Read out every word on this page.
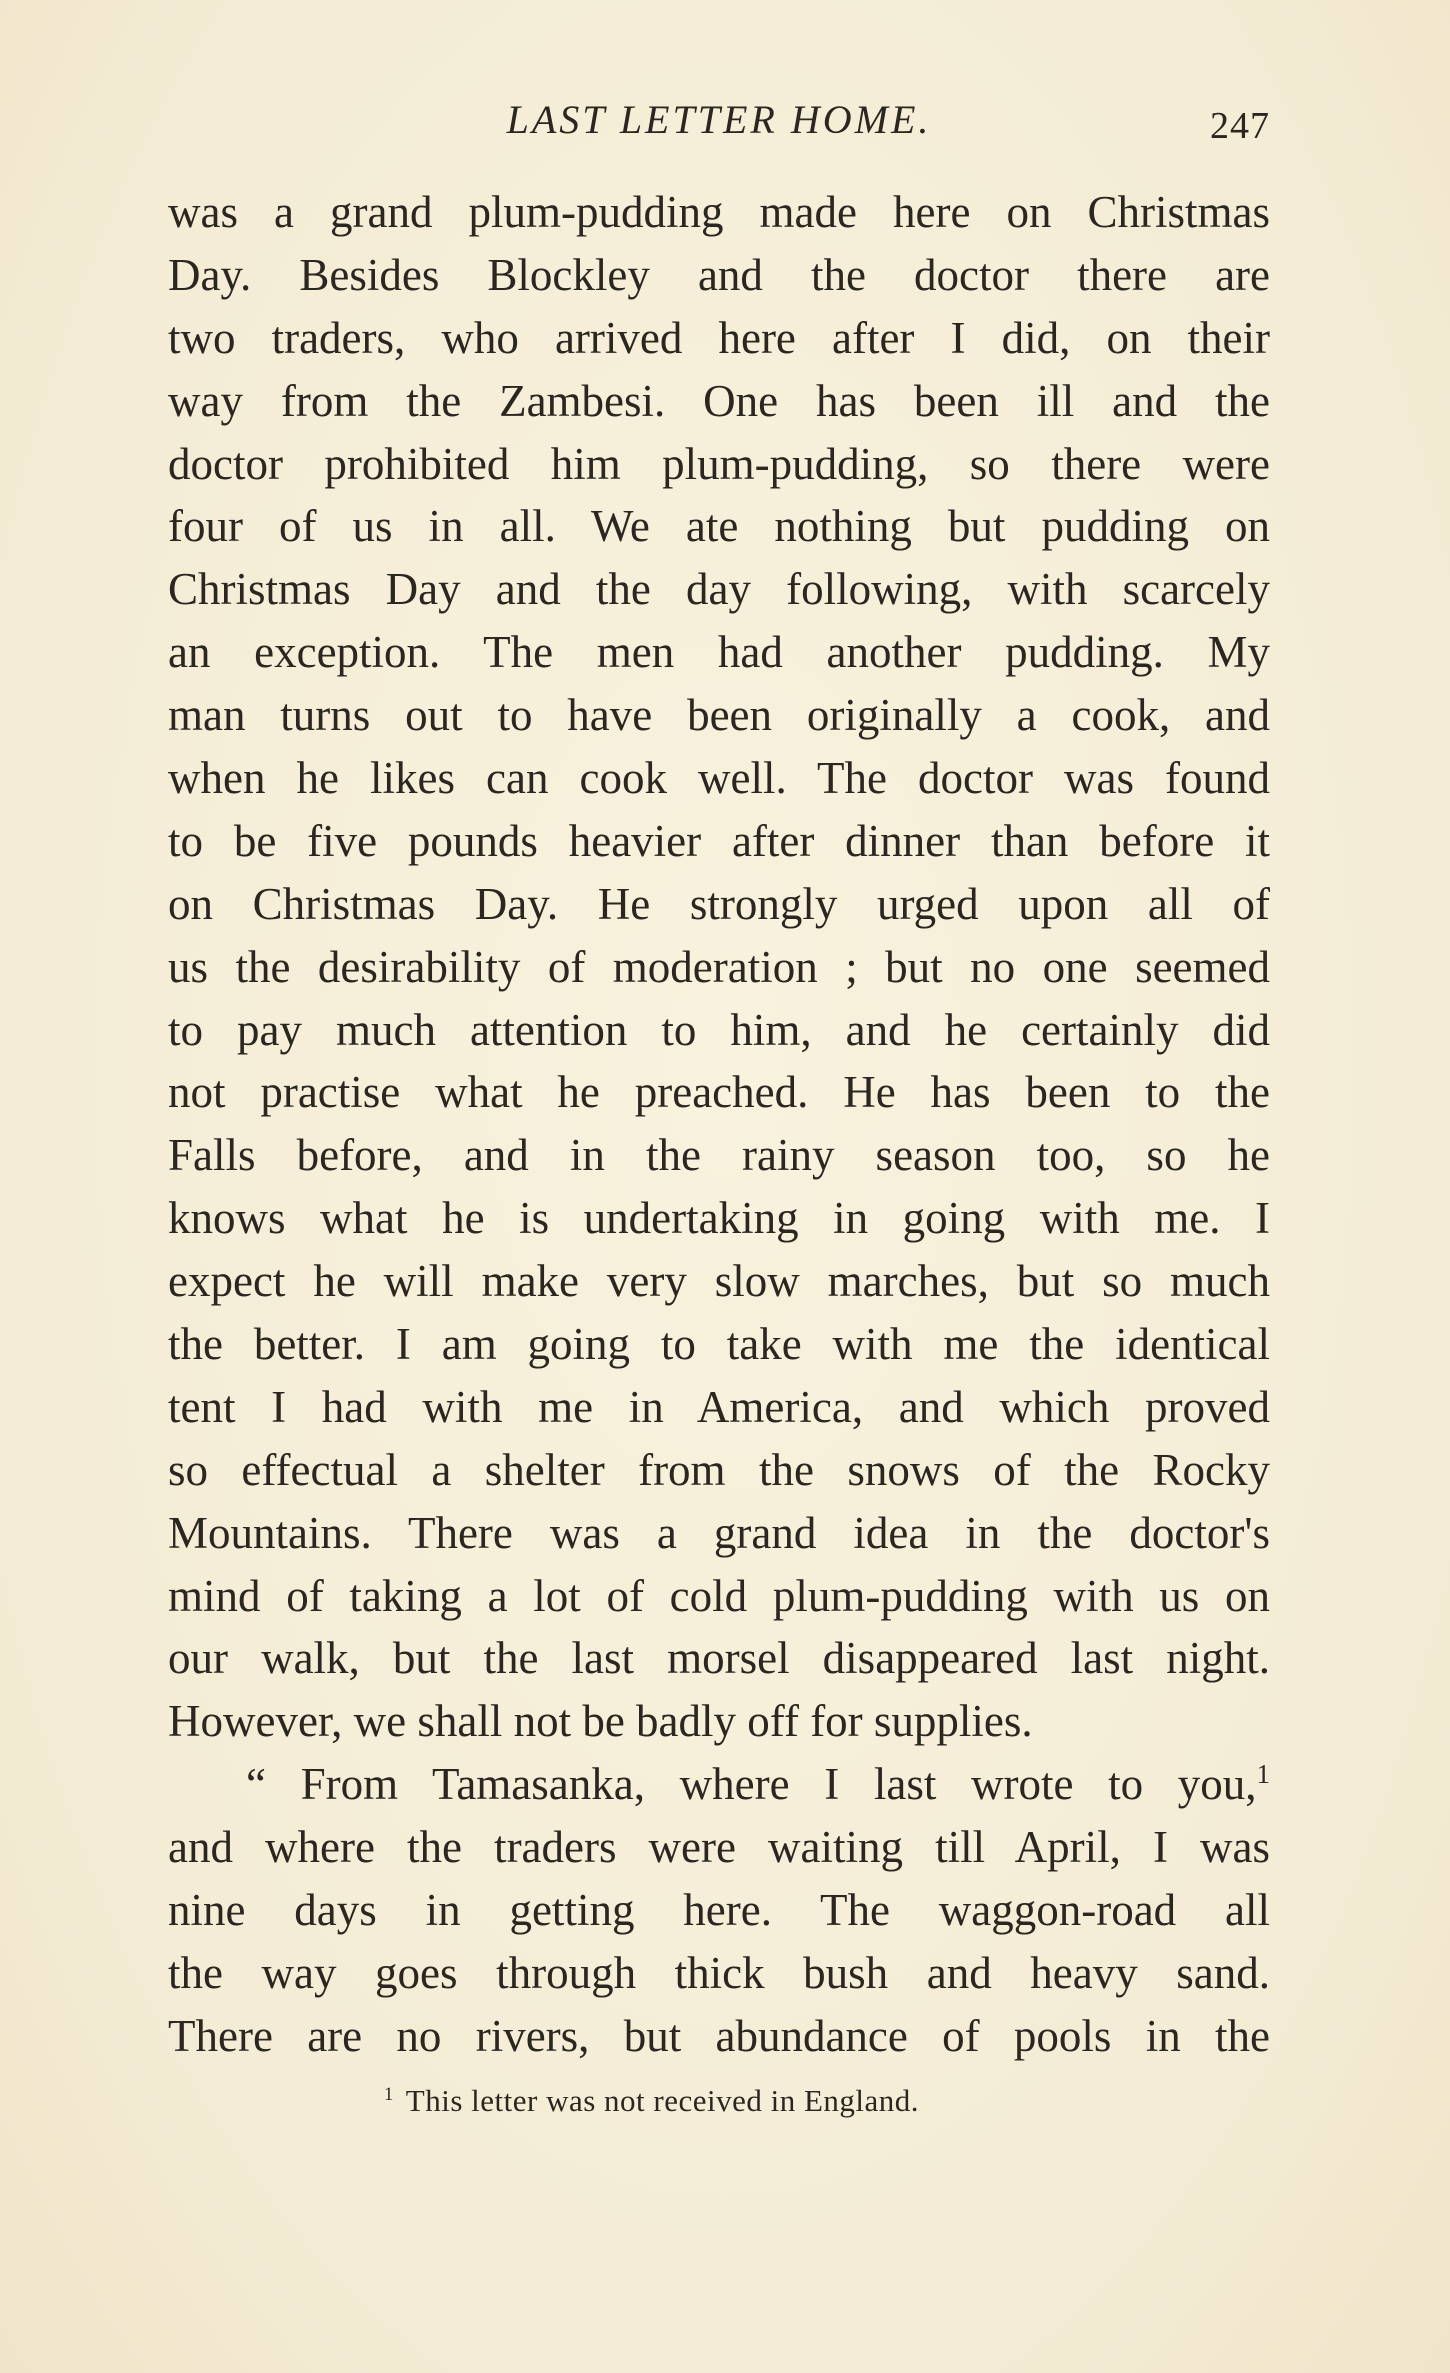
LAST LETTER HOME.	247
was a grand plum-pudding made here on Christmas
Day. Besides Blockley and the doctor there are
two traders, who arrived here after I did, on their
way from the Zambesi. One has been ill and the
doctor prohibited him plum-pudding, so there were
four of us in all. We ate nothing but pudding on
Christmas Day and the day following, with scarcely
an exception. The men had another pudding. My
man turns out to have been originally a cook, and
when he likes can cook well. The doctor was found
to be five pounds heavier after dinner than before it
on Christmas Day. He strongly urged upon all of
us the desirability of moderation ; but no one seemed
to pay much attention to him, and he certainly did
not practise what he preached. He has been to the
Falls before, and in the rainy season too, so he
knows what he is undertaking in going with me. I
expect he will make very slow marches, but so much
the better. I am going to take with me the identical
tent I had with me in America, and which proved
so effectual a shelter from the snows of the Rocky
Mountains. There was a grand idea in the doctor's
mind of taking a lot of cold plum-pudding with us on
our walk, but the last morsel disappeared last night.
However, we shall not be badly off for supplies.
“ From Tamasanka, where I last wrote to you,$^1$
and where the traders were waiting till April, I was
nine days in getting here. The waggon-road all
the way goes through thick bush and heavy sand.
There are no rivers, but abundance of pools in the
$^1$ This letter was not received in England.
